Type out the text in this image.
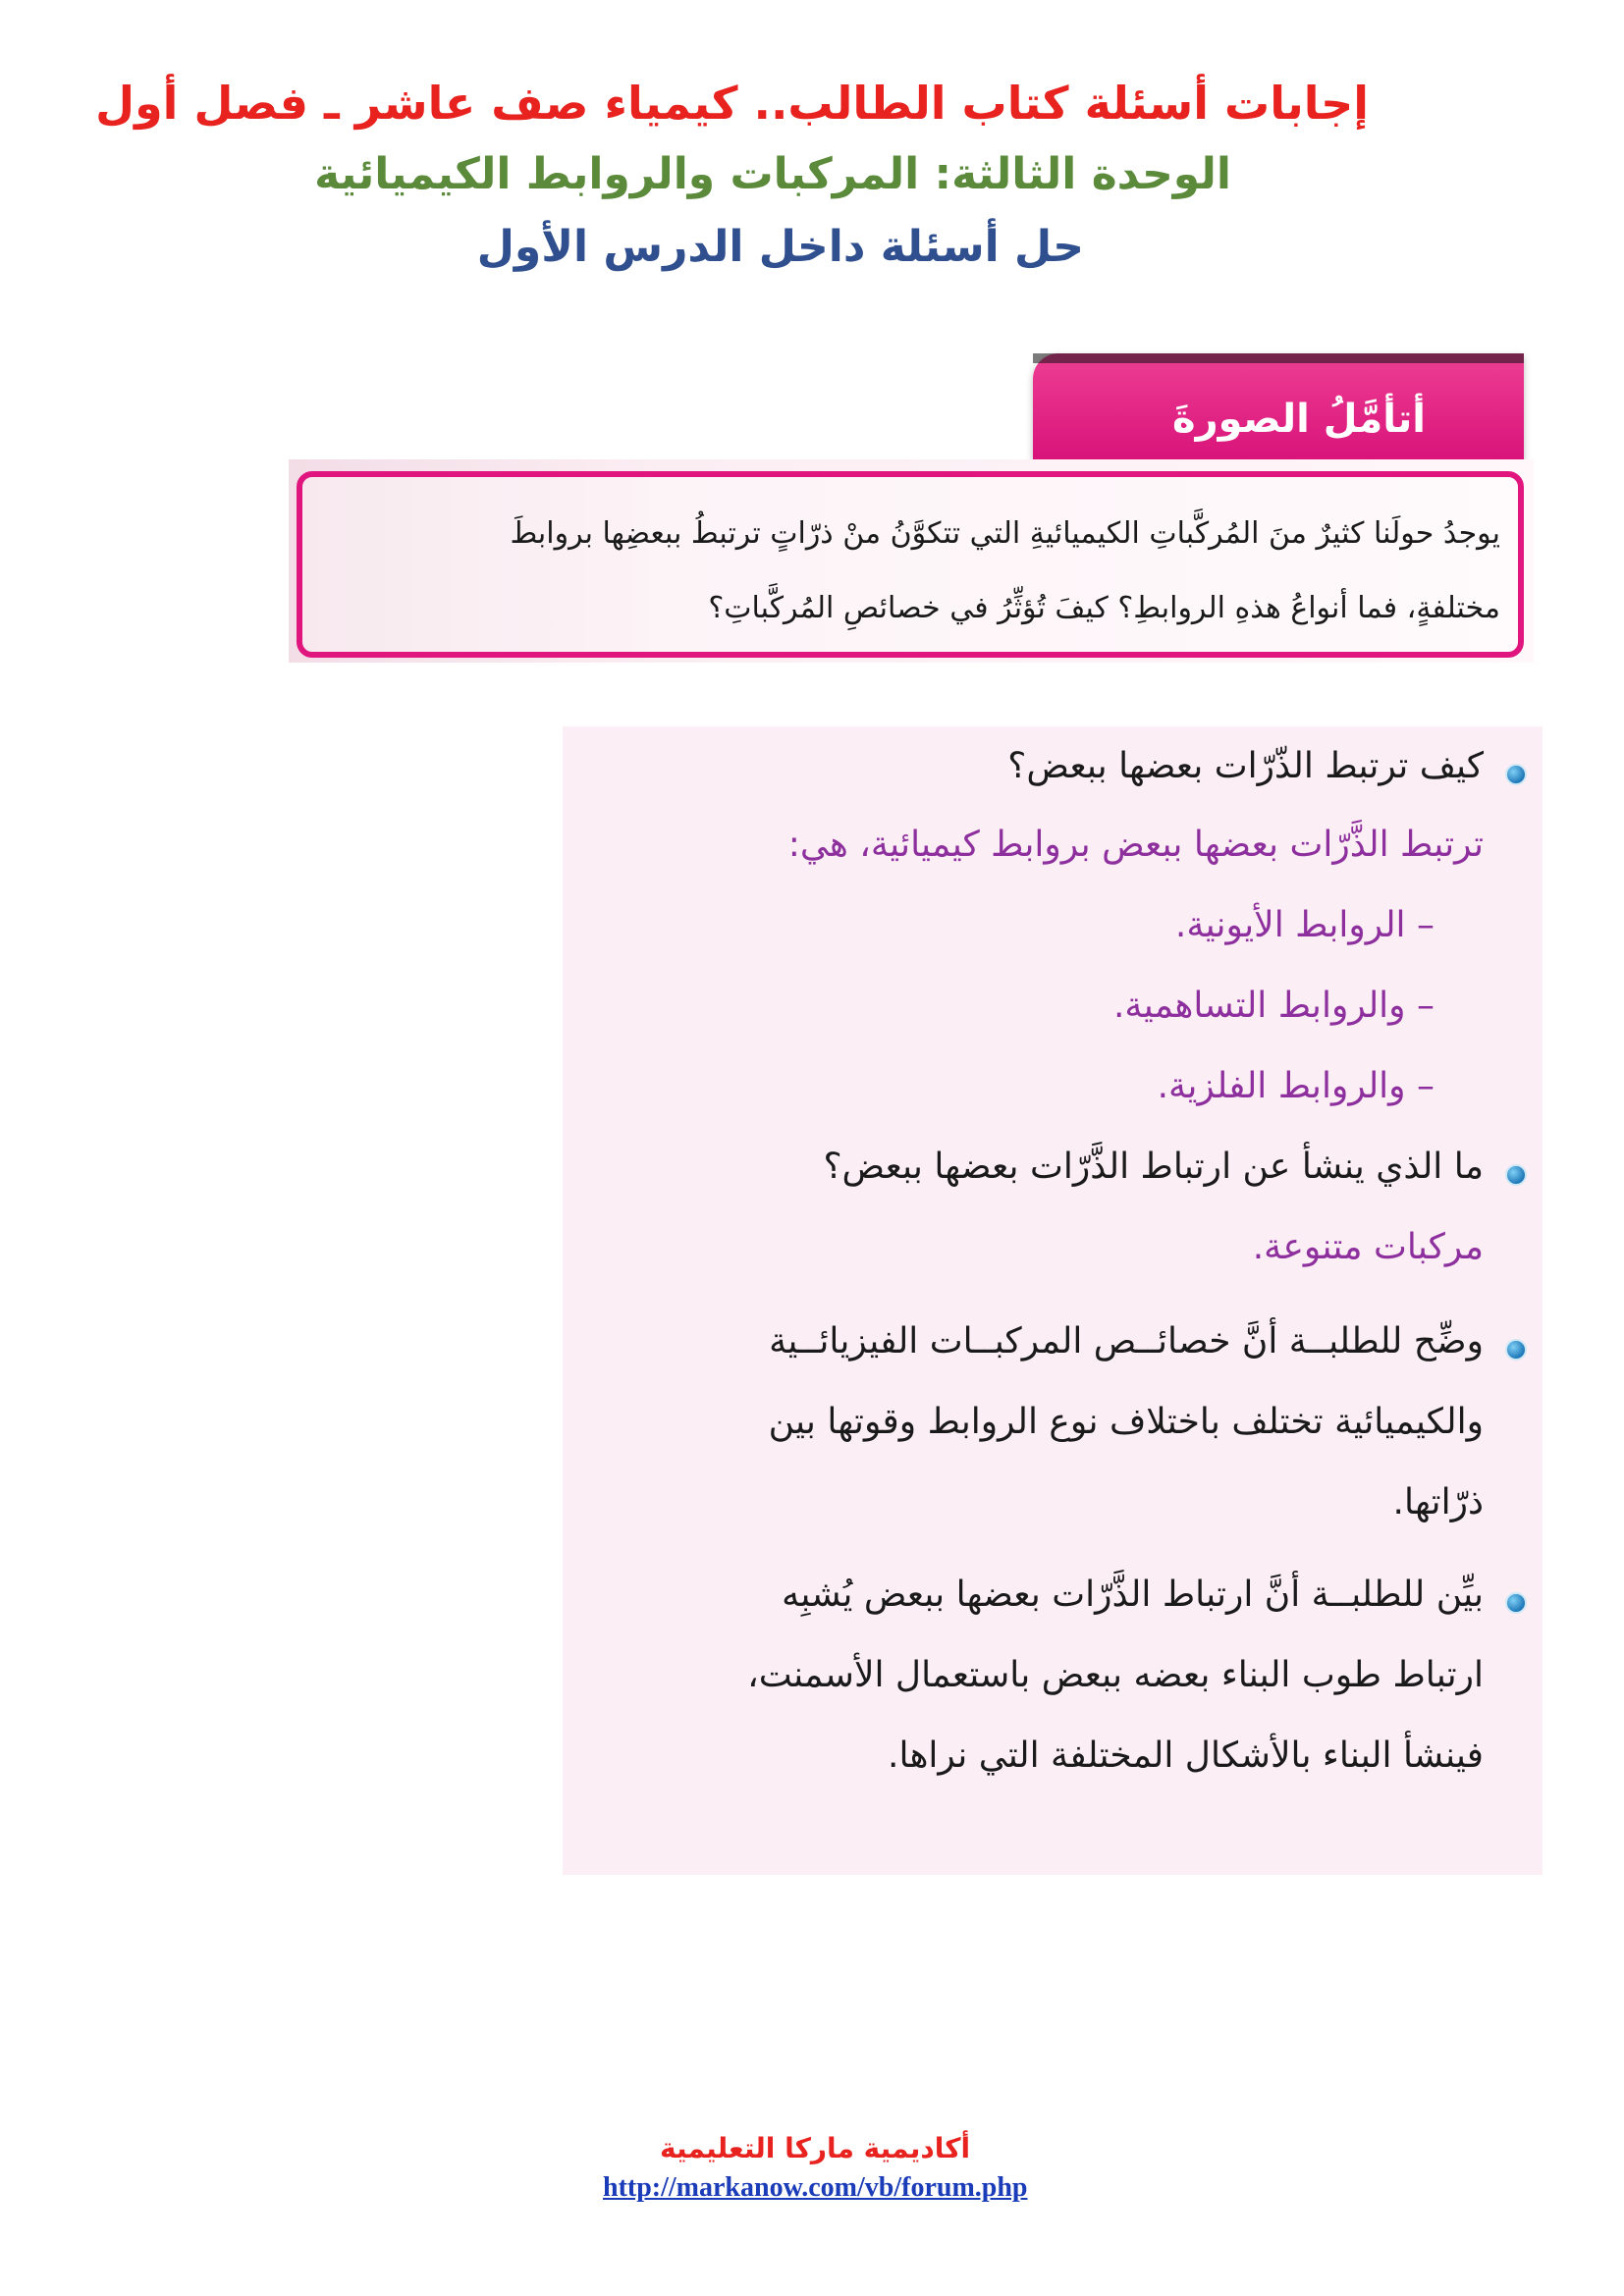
إجابات أسئلة كتاب الطالب.. كيمياء صف عاشر ـ فصل أول
الوحدة الثالثة: المركبات والروابط الكيميائية
حل أسئلة داخل الدرس الأول
أتأمَّلُ الصورةَ
يوجدُ حولَنا كثيرٌ منَ المُركَّباتِ الكيميائيةِ التي تتكوَّنُ منْ ذرّاتٍ ترتبطُ ببعضِها بروابطَ
مختلفةٍ، فما أنواعُ هذهِ الروابطِ؟ كيفَ تُؤثِّرُ في خصائصِ المُركَّباتِ؟
كيف ترتبط الذّرّات بعضها ببعض؟
ترتبط الذَّرّات بعضها ببعض بروابط كيميائية، هي:
– الروابط الأيونية.
– والروابط التساهمية.
– والروابط الفلزية.
ما الذي ينشأ عن ارتباط الذَّرّات بعضها ببعض؟
مركبات متنوعة.
وضِّح للطلبــة أنَّ خصائــص المركبــات الفيزيائــية
والكيميائية تختلف باختلاف نوع الروابط وقوتها بين
ذرّاتها.
بيِّن للطلبــة أنَّ ارتباط الذَّرّات بعضها ببعض يُشبِه
ارتباط طوب البناء بعضه ببعض باستعمال الأسمنت،
فينشأ البناء بالأشكال المختلفة التي نراها.
أكاديمية ماركا التعليمية
http://markanow.com/vb/forum.php
